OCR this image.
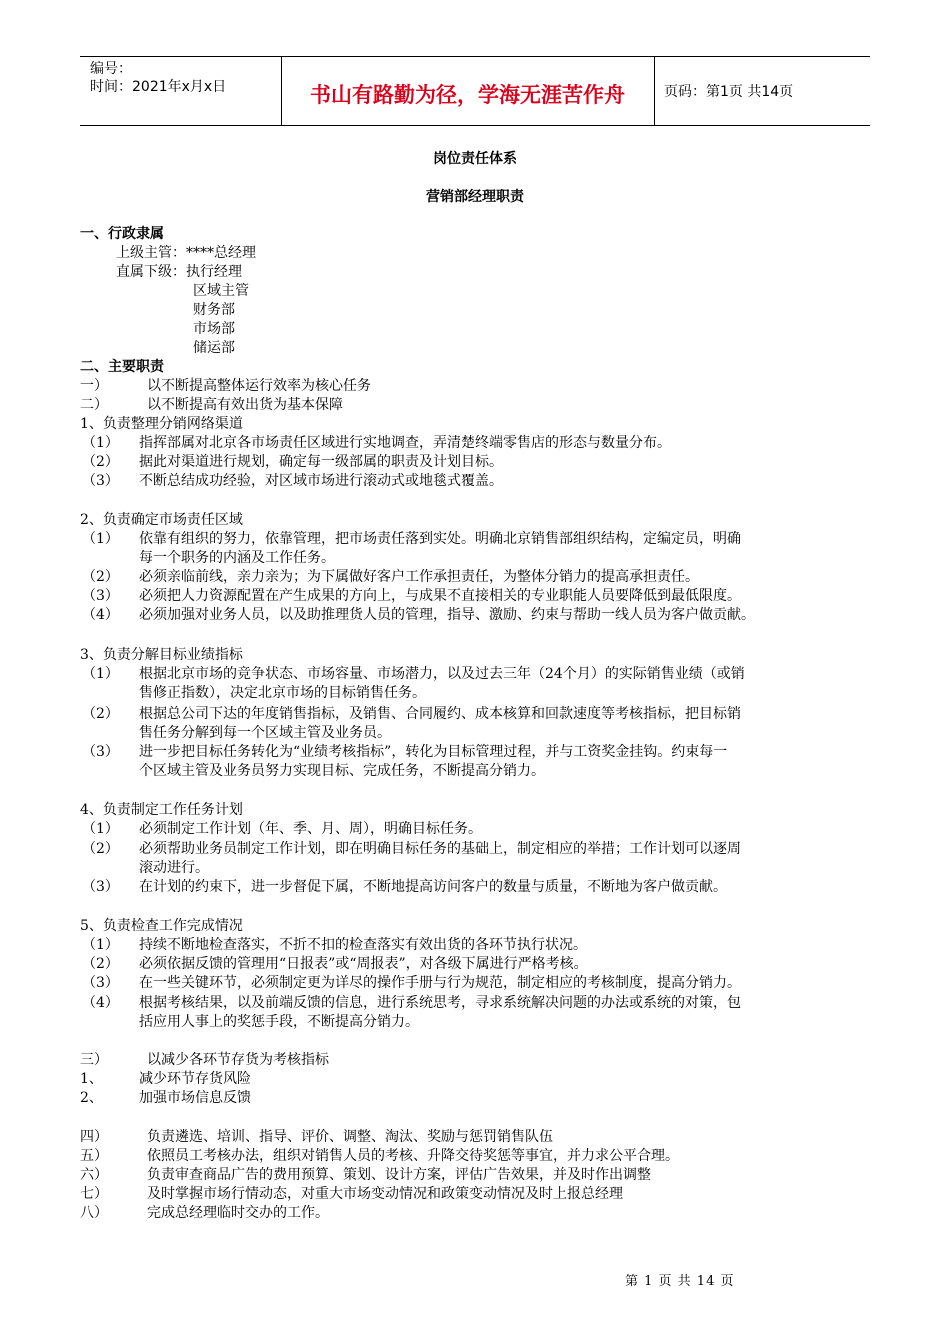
编号：
时间：2021年x月x日	书山有路勤为径，学海无涯苦作舟	页码：第1页 共14页
岗位责任体系
营销部经理职责
一、行政隶属
上级主管：****总经理
直属下级：执行经理
区域主管
财务部
市场部
储运部
二、主要职责
一）	以不断提高整体运行效率为核心任务
二）	以不断提高有效出货为基本保障
1、负责整理分销网络渠道
（1） 指挥部属对北京各市场责任区域进行实地调查，弄清楚终端零售店的形态与数量分布。
（2） 据此对渠道进行规划，确定每一级部属的职责及计划目标。
（3） 不断总结成功经验，对区域市场进行滚动式或地毯式覆盖。
2、负责确定市场责任区域
（1） 依靠有组织的努力，依靠管理，把市场责任落到实处。明确北京销售部组织结构，定编定员，明确
每一个职务的内涵及工作任务。
（2） 必须亲临前线，亲力亲为；为下属做好客户工作承担责任，为整体分销力的提高承担责任。
（3） 必须把人力资源配置在产生成果的方向上，与成果不直接相关的专业职能人员要降低到最低限度。
（4） 必须加强对业务人员，以及助推理货人员的管理，指导、激励、约束与帮助一线人员为客户做贡献。
3、负责分解目标业绩指标
（1） 根据北京市场的竞争状态、市场容量、市场潜力，以及过去三年（24个月）的实际销售业绩（或销
售修正指数），决定北京市场的目标销售任务。
（2） 根据总公司下达的年度销售指标，及销售、合同履约、成本核算和回款速度等考核指标，把目标销
售任务分解到每一个区域主管及业务员。
（3） 进一步把目标任务转化为“业绩考核指标”，转化为目标管理过程，并与工资奖金挂钩。约束每一
个区域主管及业务员努力实现目标、完成任务，不断提高分销力。
4、负责制定工作任务计划
（1） 必须制定工作计划（年、季、月、周），明确目标任务。
（2） 必须帮助业务员制定工作计划，即在明确目标任务的基础上，制定相应的举措；工作计划可以逐周
滚动进行。
（3） 在计划的约束下，进一步督促下属，不断地提高访问客户的数量与质量，不断地为客户做贡献。
5、负责检查工作完成情况
（1） 持续不断地检查落实，不折不扣的检查落实有效出货的各环节执行状况。
（2） 必须依据反馈的管理用“日报表”或“周报表”，对各级下属进行严格考核。
（3） 在一些关键环节，必须制定更为详尽的操作手册与行为规范，制定相应的考核制度，提高分销力。
（4） 根据考核结果，以及前端反馈的信息，进行系统思考，寻求系统解决问题的办法或系统的对策，包
括应用人事上的奖惩手段，不断提高分销力。
三）	以减少各环节存货为考核指标
1、	减少环节存货风险
2、	加强市场信息反馈
四）	负责遴选、培训、指导、评价、调整、淘汰、奖励与惩罚销售队伍
五）	依照员工考核办法，组织对销售人员的考核、升降交待奖惩等事宜，并力求公平合理。
六）	负责审查商品广告的费用预算、策划、设计方案，评估广告效果，并及时作出调整
七）	及时掌握市场行情动态，对重大市场变动情况和政策变动情况及时上报总经理
八）	完成总经理临时交办的工作。
第 1 页 共 14 页
